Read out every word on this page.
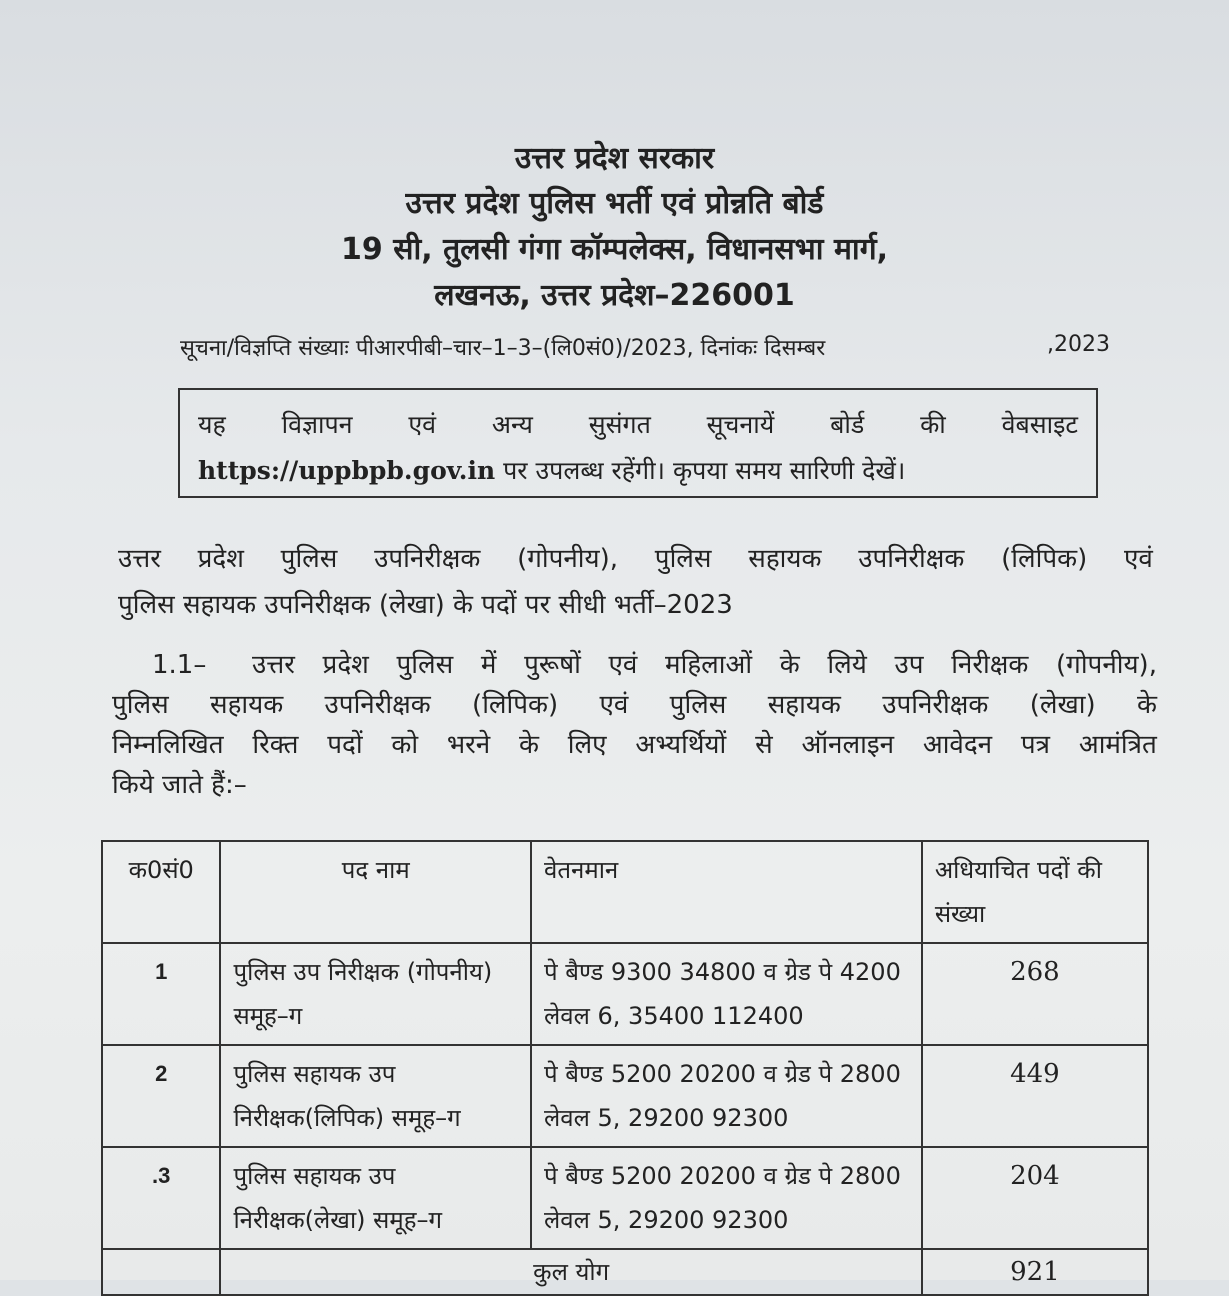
उत्तर प्रदेश सरकार
उत्तर प्रदेश पुलिस भर्ती एवं प्रोन्नति बोर्ड
19 सी, तुलसी गंगा कॉम्पलेक्स, विधानसभा मार्ग,
लखनऊ, उत्तर प्रदेश–226001
सूचना/विज्ञप्ति संख्याः पीआरपीबी–चार–1–3–(लि0सं0)/2023, दिनांकः दिसम्बर	,2023
यह विज्ञापन एवं अन्य सुसंगत सूचनायें बोर्ड की वेबसाइट
https://uppbpb.gov.in पर उपलब्ध रहेंगी। कृपया समय सारिणी देखें।
उत्तर प्रदेश पुलिस उपनिरीक्षक (गोपनीय), पुलिस सहायक उपनिरीक्षक (लिपिक) एवं
पुलिस सहायक उपनिरीक्षक (लेखा) के पदों पर सीधी भर्ती–2023
1.1–	उत्तर प्रदेश पुलिस में पुरूषों एवं महिलाओं के लिये उप निरीक्षक (गोपनीय),
पुलिस सहायक उपनिरीक्षक (लिपिक) एवं पुलिस सहायक उपनिरीक्षक (लेखा) के
निम्नलिखित रिक्त पदों को भरने के लिए अभ्यर्थियों से ऑनलाइन आवेदन पत्र आमंत्रित
किये जाते हैं:–
क0सं0	पद नाम	वेतनमान	अधियाचित पदों की संख्या
1	पुलिस उप निरीक्षक (गोपनीय) समूह–ग	पे बैण्ड 9300 34800 व ग्रेड पे 4200 लेवल 6, 35400 112400	268
2	पुलिस सहायक उप निरीक्षक(लिपिक) समूह–ग	पे बैण्ड 5200 20200 व ग्रेड पे 2800 लेवल 5, 29200 92300	449
.3	पुलिस सहायक उप निरीक्षक(लेखा) समूह–ग	पे बैण्ड 5200 20200 व ग्रेड पे 2800 लेवल 5, 29200 92300	204
	कुल योग		921
